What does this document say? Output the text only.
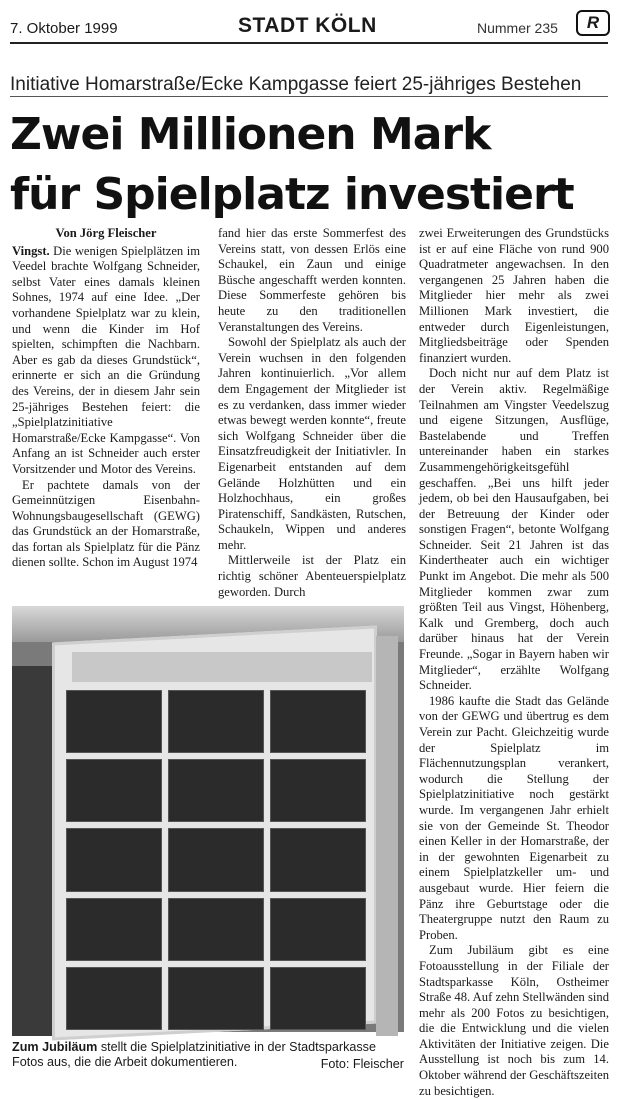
7. Oktober 1999	STADT KÖLN	Nummer 235	R
Initiative Homarstraße/Ecke Kampgasse feiert 25-jähriges Bestehen
Zwei Millionen Mark
für Spielplatz investiert
Von Jörg Fleischer

Vingst. Die wenigen Spielplätzen im Veedel brachte Wolfgang Schneider, selbst Vater eines damals kleinen Sohnes, 1974 auf eine Idee. „Der vorhandene Spielplatz war zu klein, und wenn die Kinder im Hof spielten, schimpften die Nachbarn. Aber es gab da dieses Grundstück“, erinnerte er sich an die Gründung des Vereins, der in diesem Jahr sein 25-jähriges Bestehen feiert: die „Spielplatzinitiative Homarstraße/Ecke Kampgasse“. Von Anfang an ist Schneider auch erster Vorsitzender und Motor des Vereins.

Er pachtete damals von der Gemeinnützigen Eisenbahn-Wohnungsbaugesellschaft (GEWG) das Grundstück an der Homarstraße, das fortan als Spielplatz für die Pänz dienen sollte. Schon im August 1974

fand hier das erste Sommerfest des Vereins statt, von dessen Erlös eine Schaukel, ein Zaun und einige Büsche angeschafft werden konnten. Diese Sommerfeste gehören bis heute zu den traditionellen Veranstaltungen des Vereins.

Sowohl der Spielplatz als auch der Verein wuchsen in den folgenden Jahren kontinuierlich. „Vor allem dem Engagement der Mitglieder ist es zu verdanken, dass immer wieder etwas bewegt werden konnte“, freute sich Wolfgang Schneider über die Einsatzfreudigkeit der Initiativler. In Eigenarbeit entstanden auf dem Gelände Holzhütten und ein Holzhochhaus, ein großes Piratenschiff, Sandkästen, Rutschen, Schaukeln, Wippen und anderes mehr.

Mittlerweile ist der Platz ein richtig schöner Abenteuerspielplatz geworden. Durch

zwei Erweiterungen des Grundstücks ist er auf eine Fläche von rund 900 Quadratmeter angewachsen. In den vergangenen 25 Jahren haben die Mitglieder hier mehr als zwei Millionen Mark investiert, die entweder durch Eigenleistungen, Mitgliedsbeiträge oder Spenden finanziert wurden.

Doch nicht nur auf dem Platz ist der Verein aktiv. Regelmäßige Teilnahmen am Vingster Veedelszug und eigene Sitzungen, Ausflüge, Bastelabende und Treffen untereinander haben ein starkes Zusammengehörigkeitsgefühl geschaffen. „Bei uns hilft jeder jedem, ob bei den Hausaufgaben, bei der Betreuung der Kinder oder sonstigen Fragen“, betonte Wolfgang Schneider. Seit 21 Jahren ist das Kindertheater auch ein wichtiger Punkt im Angebot. Die mehr als 500 Mitglieder kommen zwar zum größten Teil aus Vingst, Höhenberg, Kalk und Gremberg, doch auch darüber hinaus hat der Verein Freunde. „Sogar in Bayern haben wir Mitglieder“, erzählte Wolfgang Schneider.

1986 kaufte die Stadt das Gelände von der GEWG und übertrug es dem Verein zur Pacht. Gleichzeitig wurde der Spielplatz im Flächennutzungsplan verankert, wodurch die Stellung der Spielplatzinitiative noch gestärkt wurde. Im vergangenen Jahr erhielt sie von der Gemeinde St. Theodor einen Keller in der Homarstraße, der in der gewohnten Eigenarbeit zu einem Spielplatzkeller um- und ausgebaut wurde. Hier feiern die Pänz ihre Geburtstage oder die Theatergruppe nutzt den Raum zu Proben.

Zum Jubiläum gibt es eine Fotoausstellung in der Filiale der Stadtsparkasse Köln, Ostheimer Straße 48. Auf zehn Stellwänden sind mehr als 200 Fotos zu besichtigen, die die Entwicklung und die vielen Aktivitäten der Initiative zeigen. Die Ausstellung ist noch bis zum 14. Oktober während der Geschäftszeiten zu besichtigen.

Zum Jubiläum stellt die Spielplatzinitiative in der Stadtsparkasse Fotos aus, die die Arbeit dokumentieren.	Foto: Fleischer
